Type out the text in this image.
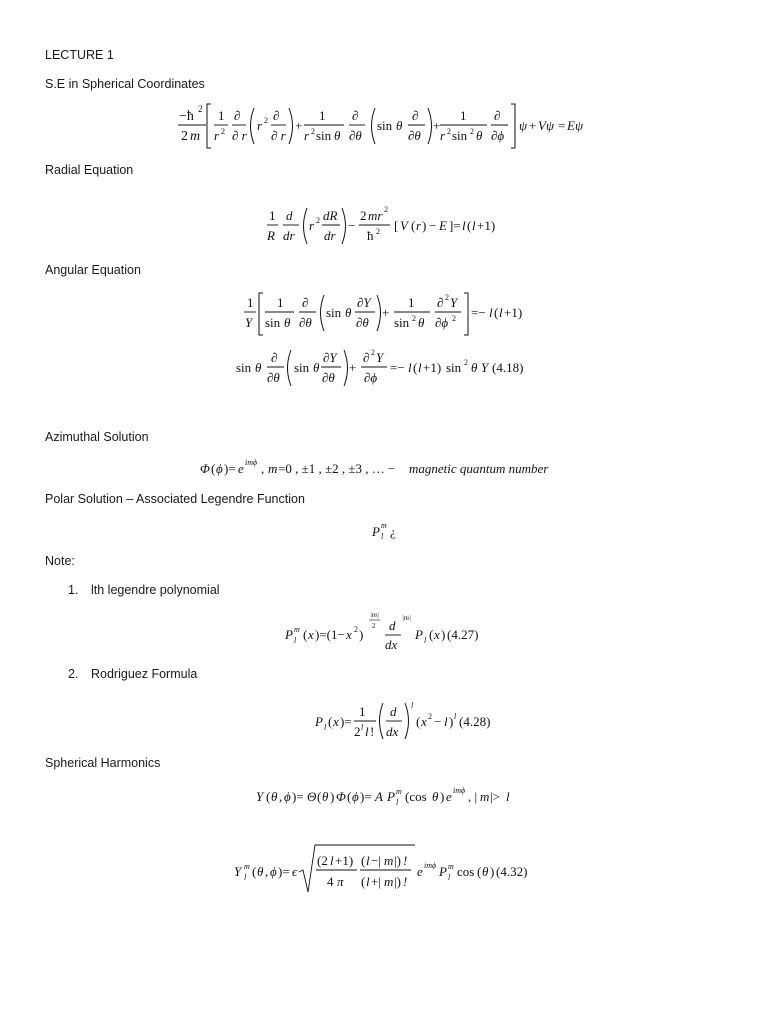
LECTURE 1
S.E in Spherical Coordinates
−ħ 2
2 m
1
r 2
∂
∂ r
r 2 ∂
∂ r
+
1
r 2 sin θ
∂
∂θ
sin θ
∂
∂θ
+
1
r 2 sin 2 θ
∂
∂ϕ
ψ + Vψ = Eψ
Radial Equation
1
R
d
dr
r 2 dR
dr
−
2 mr 2
ħ 2 [ V ( r ) − E ]= l ( l +1)
Angular Equation
1
Y
1
sin θ
∂
∂θ
sin θ
∂Y
∂θ
+
1
sin 2 θ
∂ 2 Y
∂ϕ 2 =− l ( l +1)
sin θ
∂
∂θ
sin θ
∂Y
∂θ
+
∂ 2 Y
∂ϕ
=− l ( l +1) sin 2 θ Y (4.18)
Azimuthal Solution
Φ ( ϕ )= e imϕ , m =0 , ±1 , ±2 , ±3 , … − magnetic quantum number
Polar Solution – Associated Legendre Function
P m
l ¿
Note:
1. lth legendre polynomial
P m
l ( x )=(1− x 2 )
|m|
2 d
dx
|m|
P l ( x ) (4.27)
2. Rodriguez Formula
P l ( x )=
1
2 l l !
d
dx
l
( x 2 − l ) l (4.28)
Spherical Harmonics
Y ( θ , ϕ )= Θ ( θ ) Φ ( ϕ )= A P m
l (cos θ ) e imϕ , | m |> l
Y m
l ( θ , ϕ )= ϵ
(2 l +1)
4 π
( l −| m |) !
( l +| m |) !
e imϕ P m
l cos ( θ ) (4.32)
